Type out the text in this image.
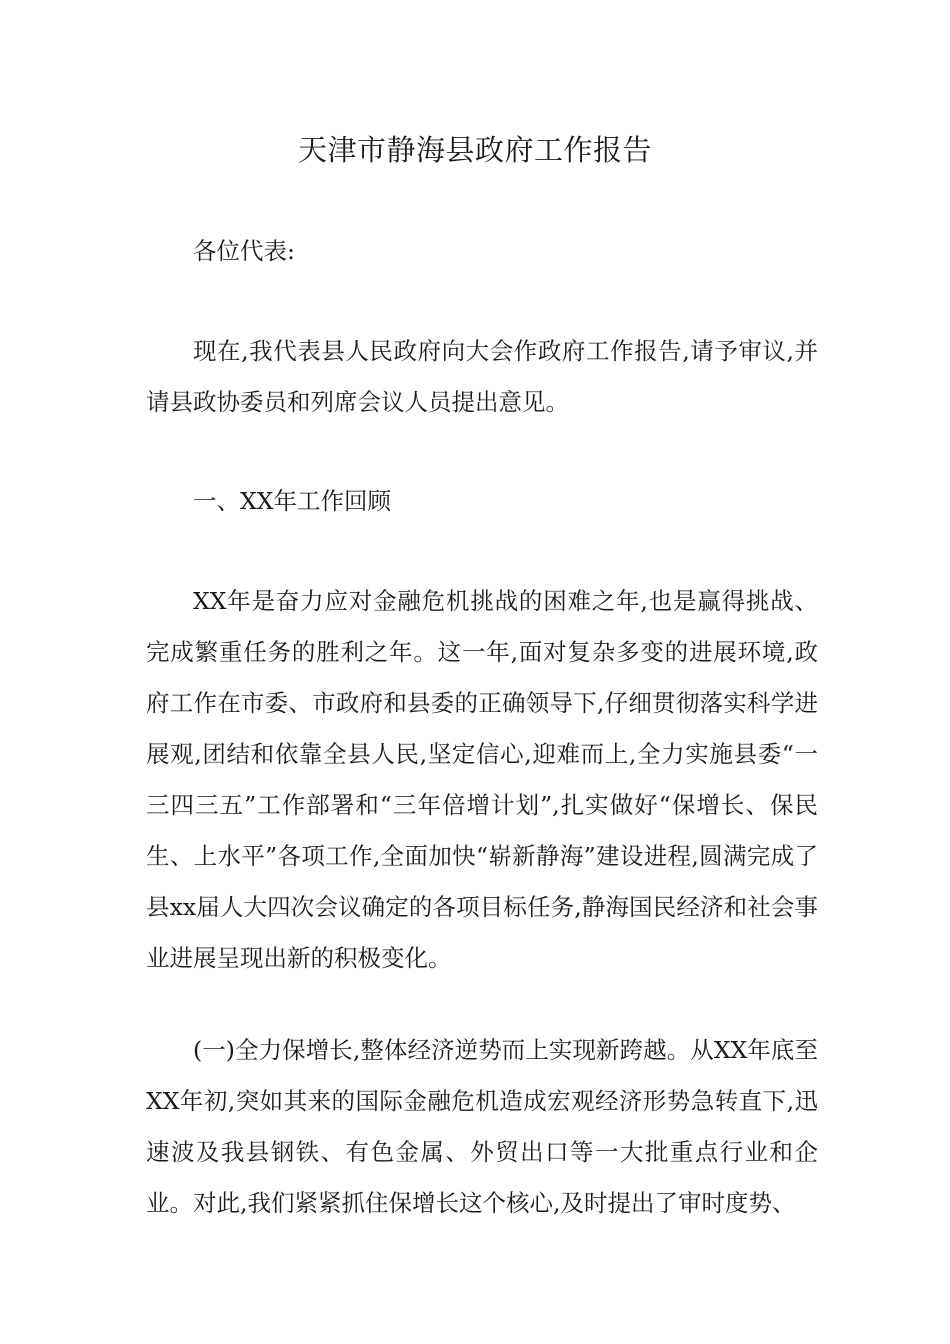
天津市静海县政府工作报告

各位代表:

现在,我代表县人民政府向大会作政府工作报告,请予审议,并请县政协委员和列席会议人员提出意见。

一、XX年工作回顾

XX年是奋力应对金融危机挑战的困难之年,也是赢得挑战、完成繁重任务的胜利之年。这一年,面对复杂多变的进展环境,政府工作在市委、市政府和县委的正确领导下,仔细贯彻落实科学进展观,团结和依靠全县人民,坚定信心,迎难而上,全力实施县委“一三四三五”工作部署和“三年倍增计划”,扎实做好“保增长、保民生、上水平”各项工作,全面加快“崭新静海”建设进程,圆满完成了县xx届人大四次会议确定的各项目标任务,静海国民经济和社会事业进展呈现出新的积极变化。

(一)全力保增长,整体经济逆势而上实现新跨越。从XX年底至XX年初,突如其来的国际金融危机造成宏观经济形势急转直下,迅速波及我县钢铁、有色金属、外贸出口等一大批重点行业和企业。对此,我们紧紧抓住保增长这个核心,及时提出了审时度势、
